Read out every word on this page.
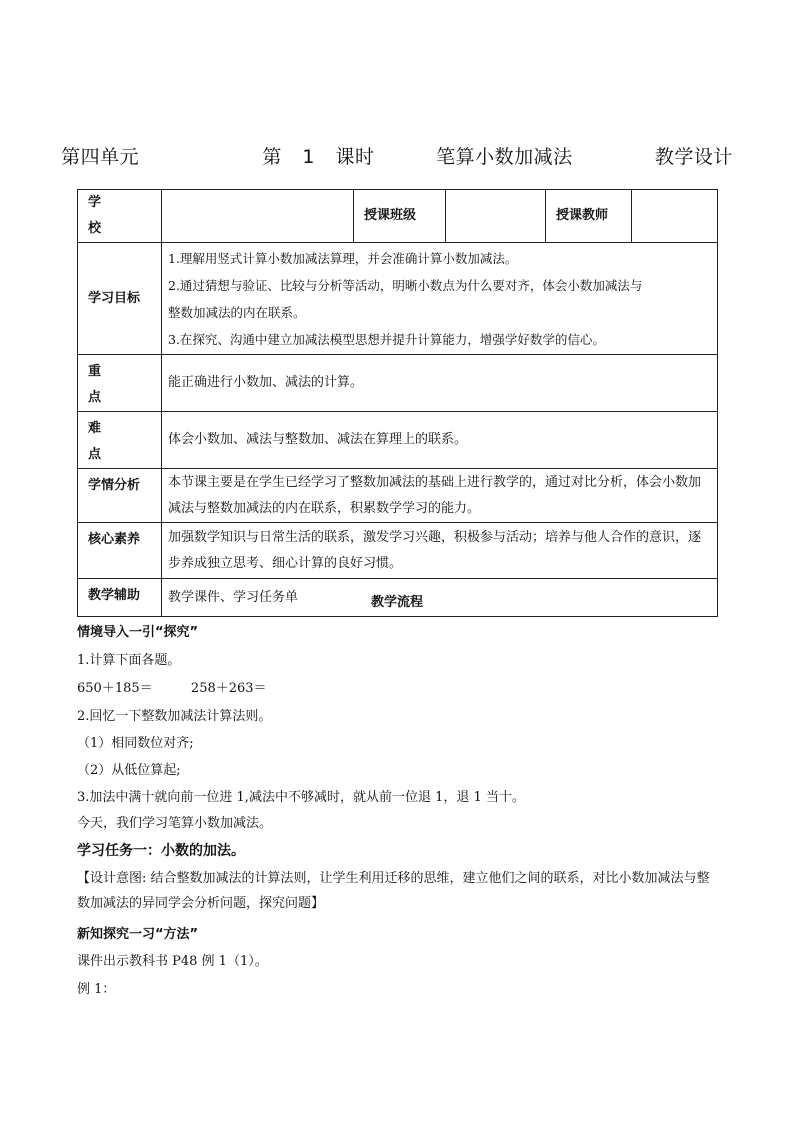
第四单元      第 1 课时   笔算小数加减法    教学设计
学 校		授课班级		授课教师	
学习目标	1.理解用竖式计算小数加减法算理，并会准确计算小数加减法。
2.通过猜想与验证、比较与分析等活动，明晰小数点为什么要对齐，体会小数加减法与
整数加减法的内在联系。
3.在探究、沟通中建立加减法模型思想并提升计算能力，增强学好数学的信心。				

重 点	能正确进行小数加、减法的计算。				
难 点	体会小数加、减法与整数加、减法在算理上的联系。				
学情分析	本节课主要是在学生已经学习了整数加减法的基础上进行教学的，通过对比分析，体会小数加减法与整数加减法的内在联系，积累数学学习的能力。				
核心素养	加强数学知识与日常生活的联系，激发学习兴趣，积极参与活动；培养与他人合作的意识，逐步养成独立思考、细心计算的良好习惯。				
教学辅助	教学课件、学习任务单					教学流程
情境导入一引“探究”
1.计算下面各题。
650＋185＝	258＋263＝
2.回忆一下整数加减法计算法则。
（1）相同数位对齐;
（2）从低位算起;
3.加法中满十就向前一位进 1,减法中不够减时，就从前一位退 1，退 1 当十。
今天，我们学习笔算小数加减法。
学习任务一：小数的加法。
【设计意图: 结合整数加减法的计算法则，让学生利用迁移的思维，建立他们之间的联系，对比小数加减法与整数加减法的异同学会分析问题，探究问题】
新知探究一习“方法”
课件出示教科书 P48 例 1（1）。
例 1：
